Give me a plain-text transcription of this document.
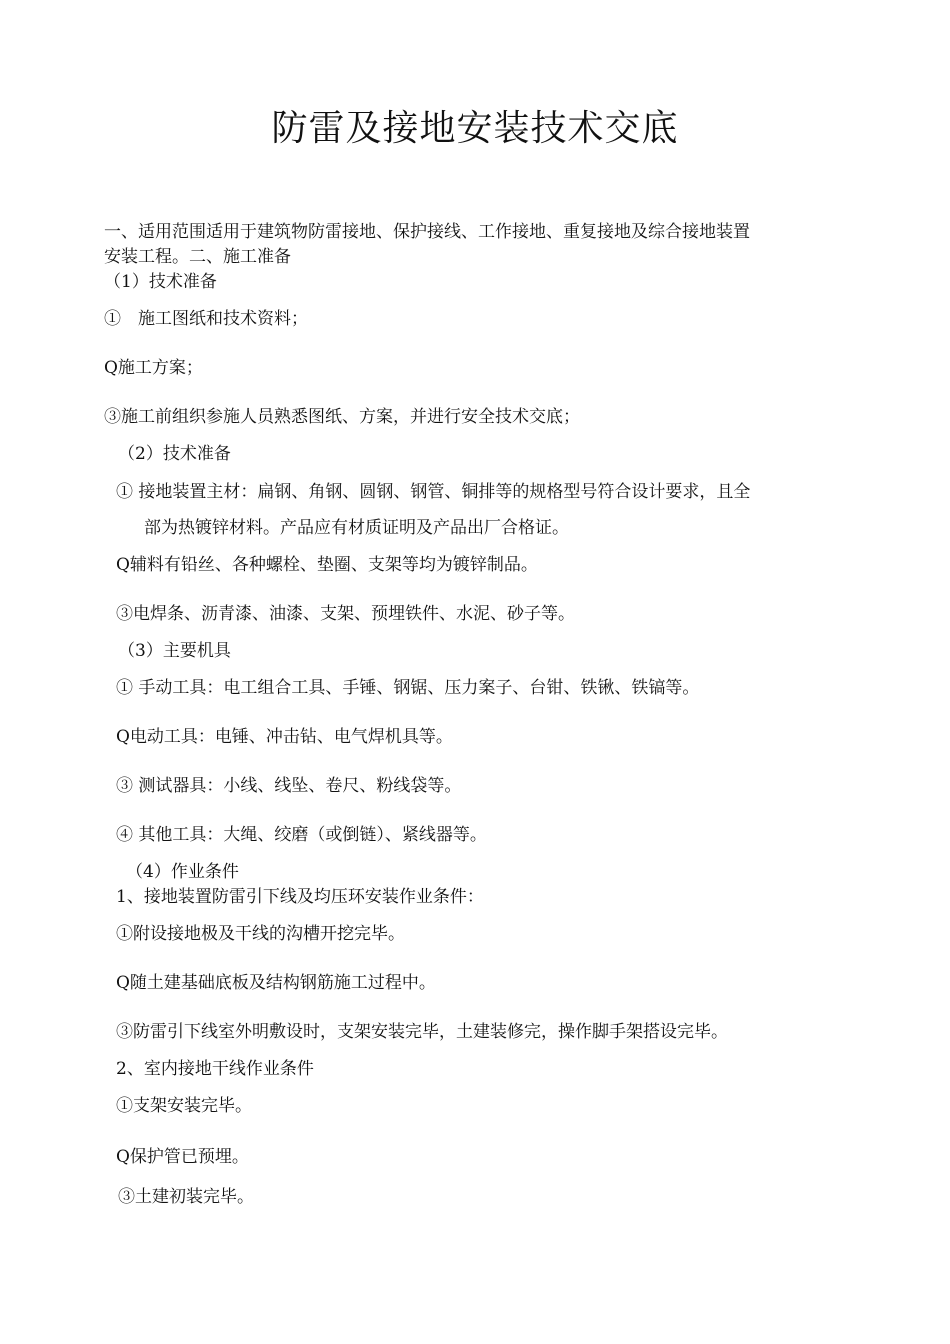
防雷及接地安装技术交底

一、适用范围适用于建筑物防雷接地、保护接线、工作接地、重复接地及综合接地装置

安装工程。二、施工准备

（1）技术准备

①　施工图纸和技术资料；

Q施工方案；

③施工前组织参施人员熟悉图纸、方案，并进行安全技术交底；

（2）技术准备

① 接地装置主材：扁钢、角钢、圆钢、钢管、铜排等的规格型号符合设计要求，且全

部为热镀锌材料。产品应有材质证明及产品出厂合格证。

Q辅料有铅丝、各种螺栓、垫圈、支架等均为镀锌制品。

③电焊条、沥青漆、油漆、支架、预埋铁件、水泥、砂子等。

（3）主要机具

① 手动工具：电工组合工具、手锤、钢锯、压力案子、台钳、铁锹、铁镐等。

Q电动工具：电锤、冲击钻、电气焊机具等。

③ 测试器具：小线、线坠、卷尺、粉线袋等。

④ 其他工具：大绳、绞磨（或倒链）、紧线器等。

（4）作业条件

1、接地装置防雷引下线及均压环安装作业条件：

①附设接地极及干线的沟槽开挖完毕。

Q随土建基础底板及结构钢筋施工过程中。

③防雷引下线室外明敷设时，支架安装完毕，土建装修完，操作脚手架搭设完毕。

2、室内接地干线作业条件

①支架安装完毕。

Q保护管已预埋。

③土建初装完毕。
